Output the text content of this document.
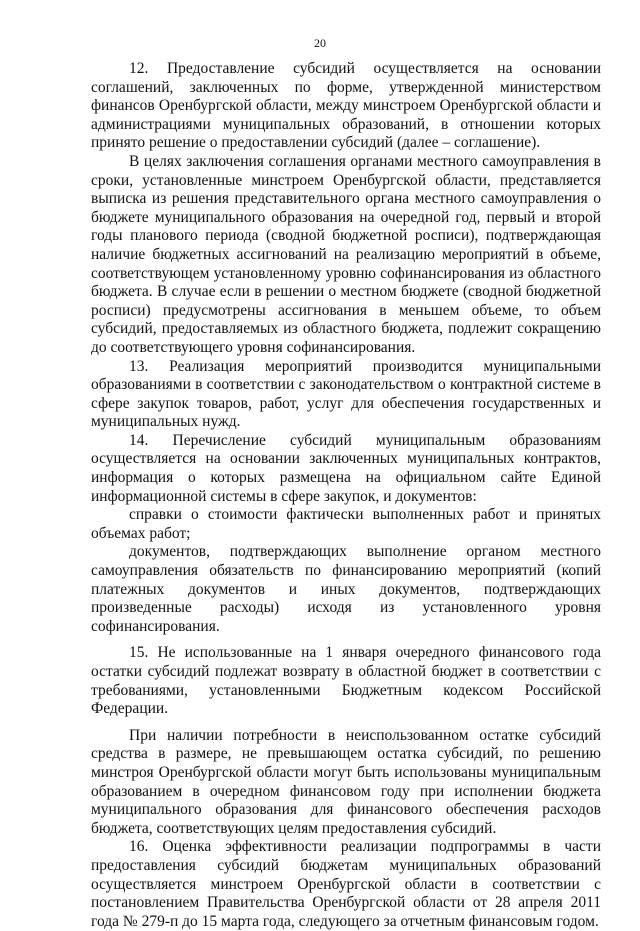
20

12. Предоставление субсидий осуществляется на основании соглашений, заключенных по форме, утвержденной министерством финансов Оренбургской области, между минстроем Оренбургской области и администрациями муниципальных образований, в отношении которых принято решение о предоставлении субсидий (далее – соглашение).

В целях заключения соглашения органами местного самоуправления в сроки, установленные минстроем Оренбургской области, представляется выписка из решения представительного органа местного самоуправления о бюджете муниципального образования на очередной год, первый и второй годы планового периода (сводной бюджетной росписи), подтверждающая наличие бюджетных ассигнований на реализацию мероприятий в объеме, соответствующем установленному уровню софинансирования из областного бюджета. В случае если в решении о местном бюджете (сводной бюджетной росписи) предусмотрены ассигнования в меньшем объеме, то объем субсидий, предоставляемых из областного бюджета, подлежит сокращению до соответствующего уровня софинансирования.

13. Реализация мероприятий производится муниципальными образованиями в соответствии с законодательством о контрактной системе в сфере закупок товаров, работ, услуг для обеспечения государственных и муниципальных нужд.

14. Перечисление субсидий муниципальным образованиям осуществляется на основании заключенных муниципальных контрактов, информация о которых размещена на официальном сайте Единой информационной системы в сфере закупок, и документов:

справки о стоимости фактически выполненных работ и принятых объемах работ;

документов, подтверждающих выполнение органом местного самоуправления обязательств по финансированию мероприятий (копий платежных документов и иных документов, подтверждающих произведенные расходы) исходя из установленного уровня софинансирования.

15. Не использованные на 1 января очередного финансового года остатки субсидий подлежат возврату в областной бюджет в соответствии с требованиями, установленными Бюджетным кодексом Российской Федерации.

При наличии потребности в неиспользованном остатке субсидий средства в размере, не превышающем остатка субсидий, по решению минстроя Оренбургской области могут быть использованы муниципальным образованием в очередном финансовом году при исполнении бюджета муниципального образования для финансового обеспечения расходов бюджета, соответствующих целям предоставления субсидий.

16. Оценка эффективности реализации подпрограммы в части предоставления субсидий бюджетам муниципальных образований осуществляется минстроем Оренбургской области в соответствии с постановлением Правительства Оренбургской области от 28 апреля 2011 года № 279-п до 15 марта года, следующего за отчетным финансовым годом.
